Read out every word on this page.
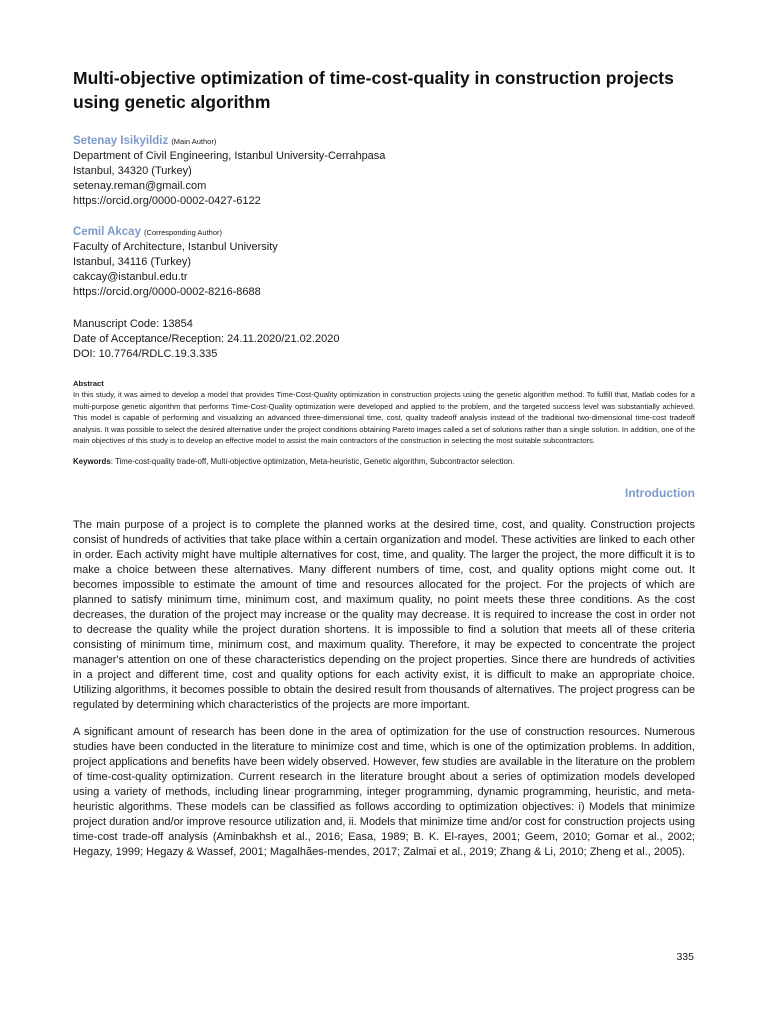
Multi-objective optimization of time-cost-quality in construction projects using genetic algorithm
Setenay Isikyildiz (Main Author)
Department of Civil Engineering, Istanbul University-Cerrahpasa
Istanbul, 34320 (Turkey)
setenay.reman@gmail.com
https://orcid.org/0000-0002-0427-6122
Cemil Akcay (Corresponding Author)
Faculty of Architecture, Istanbul University
Istanbul, 34116 (Turkey)
cakcay@istanbul.edu.tr
https://orcid.org/0000-0002-8216-8688
Manuscript Code: 13854
Date of Acceptance/Reception: 24.11.2020/21.02.2020
DOI: 10.7764/RDLC.19.3.335
Abstract
In this study, it was aimed to develop a model that provides Time-Cost-Quality optimization in construction projects using the genetic algorithm method. To fulfill that, Matlab codes for a multi-purpose genetic algorithm that performs Time-Cost-Quality optimization were developed and applied to the problem, and the targeted success level was substantially achieved. This model is capable of performing and visualizing an advanced three-dimensional time, cost, quality tradeoff analysis instead of the traditional two-dimensional time-cost tradeoff analysis. It was possible to select the desired alternative under the project conditions obtaining Pareto images called a set of solutions rather than a single solution. In addition, one of the main objectives of this study is to develop an effective model to assist the main contractors of the construction in selecting the most suitable subcontractors.
Keywords: Time-cost-quality trade-off, Multi-objective optimization, Meta-heuristic, Genetic algorithm, Subcontractor selection.
Introduction

The main purpose of a project is to complete the planned works at the desired time, cost, and quality. Construction projects consist of hundreds of activities that take place within a certain organization and model. These activities are linked to each other in order. Each activity might have multiple alternatives for cost, time, and quality. The larger the project, the more difficult it is to make a choice between these alternatives. Many different numbers of time, cost, and quality options might come out. It becomes impossible to estimate the amount of time and resources allocated for the project. For the projects of which are planned to satisfy minimum time, minimum cost, and maximum quality, no point meets these three conditions. As the cost decreases, the duration of the project may increase or the quality may decrease. It is required to increase the cost in order not to decrease the quality while the project duration shortens. It is impossible to find a solution that meets all of these criteria consisting of minimum time, minimum cost, and maximum quality. Therefore, it may be expected to concentrate the project manager's attention on one of these characteristics depending on the project properties. Since there are hundreds of activities in a project and different time, cost and quality options for each activity exist, it is difficult to make an appropriate choice. Utilizing algorithms, it becomes possible to obtain the desired result from thousands of alternatives. The project progress can be regulated by determining which characteristics of the projects are more important.

A significant amount of research has been done in the area of optimization for the use of construction resources. Numerous studies have been conducted in the literature to minimize cost and time, which is one of the optimization problems. In addition, project applications and benefits have been widely observed. However, few studies are available in the literature on the problem of time-cost-quality optimization. Current research in the literature brought about a series of optimization models developed using a variety of methods, including linear programming, integer programming, dynamic programming, heuristic, and meta-heuristic algorithms. These models can be classified as follows according to optimization objectives: i) Models that minimize project duration and/or improve resource utilization and, ii. Models that minimize time and/or cost for construction projects using time-cost trade-off analysis (Aminbakhsh et al., 2016; Easa, 1989; B. K. El-rayes, 2001; Geem, 2010; Gomar et al., 2002; Hegazy, 1999; Hegazy & Wassef, 2001; Magalhães-mendes, 2017; Zalmai et al., 2019; Zhang & Li, 2010; Zheng et al., 2005).

335
